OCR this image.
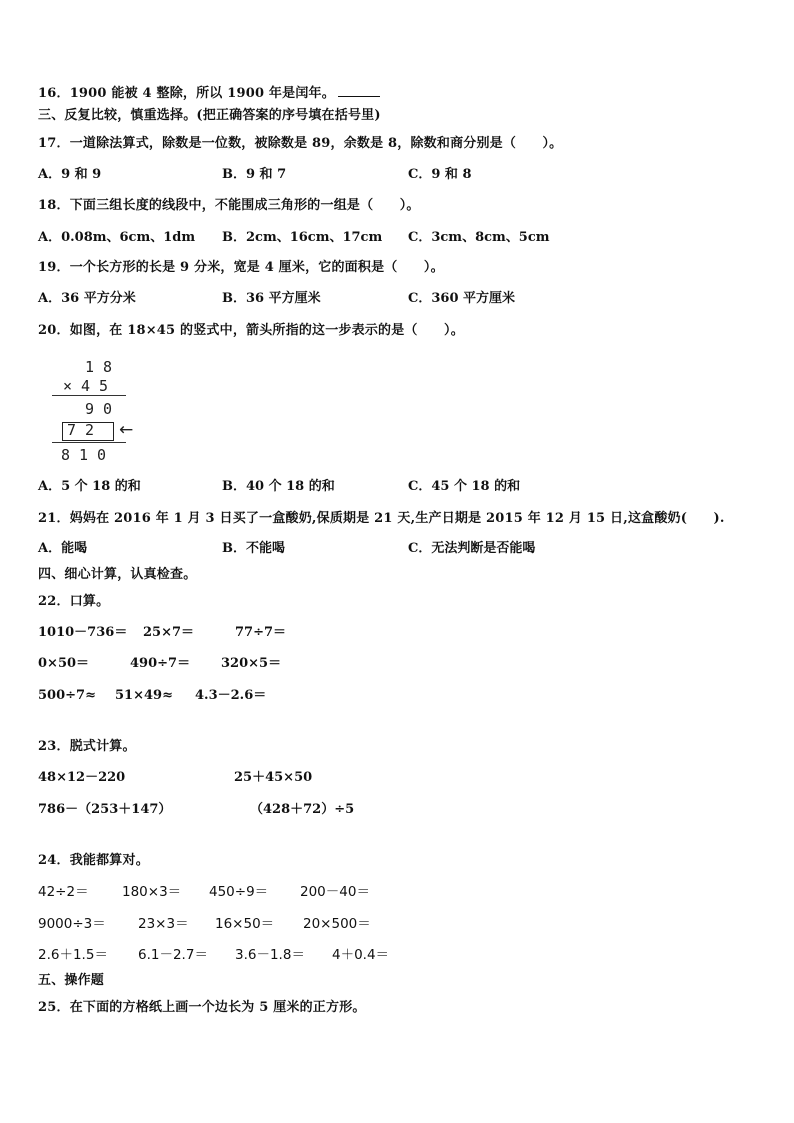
16．1900 能被 4 整除，所以 1900 年是闰年。
三、反复比较，慎重选择。(把正确答案的序号填在括号里)
17．一道除法算式，除数是一位数，被除数是 89，余数是 8，除数和商分别是（　　）。
A．9 和 9	B．9 和 7	C．9 和 8
18．下面三组长度的线段中，不能围成三角形的一组是（　　）。
A．0.08m、6cm、1dm B．2cm、16cm、17cm C．3cm、8cm、5cm
19．一个长方形的长是 9 分米，宽是 4 厘米，它的面积是（　　）。
A．36 平方分米	B．36 平方厘米	C．360 平方厘米
20．如图，在 18×45 的竖式中，箭头所指的这一步表示的是（　　）。
18
×45
90
72 ←
810
A．5 个 18 的和	B．40 个 18 的和	C．45 个 18 的和
21．妈妈在 2016 年 1 月 3 日买了一盒酸奶,保质期是 21 天,生产日期是 2015 年 12 月 15 日,这盒酸奶(　　).
A．能喝	B．不能喝	C．无法判断是否能喝
四、细心计算，认真检查。
22．口算。
1010－736＝ 25×7＝	77÷7＝
0×50＝	490÷7＝ 320×5＝
500÷7≈ 51×49≈ 4.3－2.6＝
23．脱式计算。
48×12－220	25＋45×50
786－（253＋147）	（428＋72）÷5
24．我能都算对。
42÷2＝ 180×3＝ 450÷9＝ 200－40＝
9000÷3＝ 23×3＝ 16×50＝ 20×500＝
2.6＋1.5＝ 6.1－2.7＝ 3.6－1.8＝ 4＋0.4＝
五、操作题
25．在下面的方格纸上画一个边长为 5 厘米的正方形。
